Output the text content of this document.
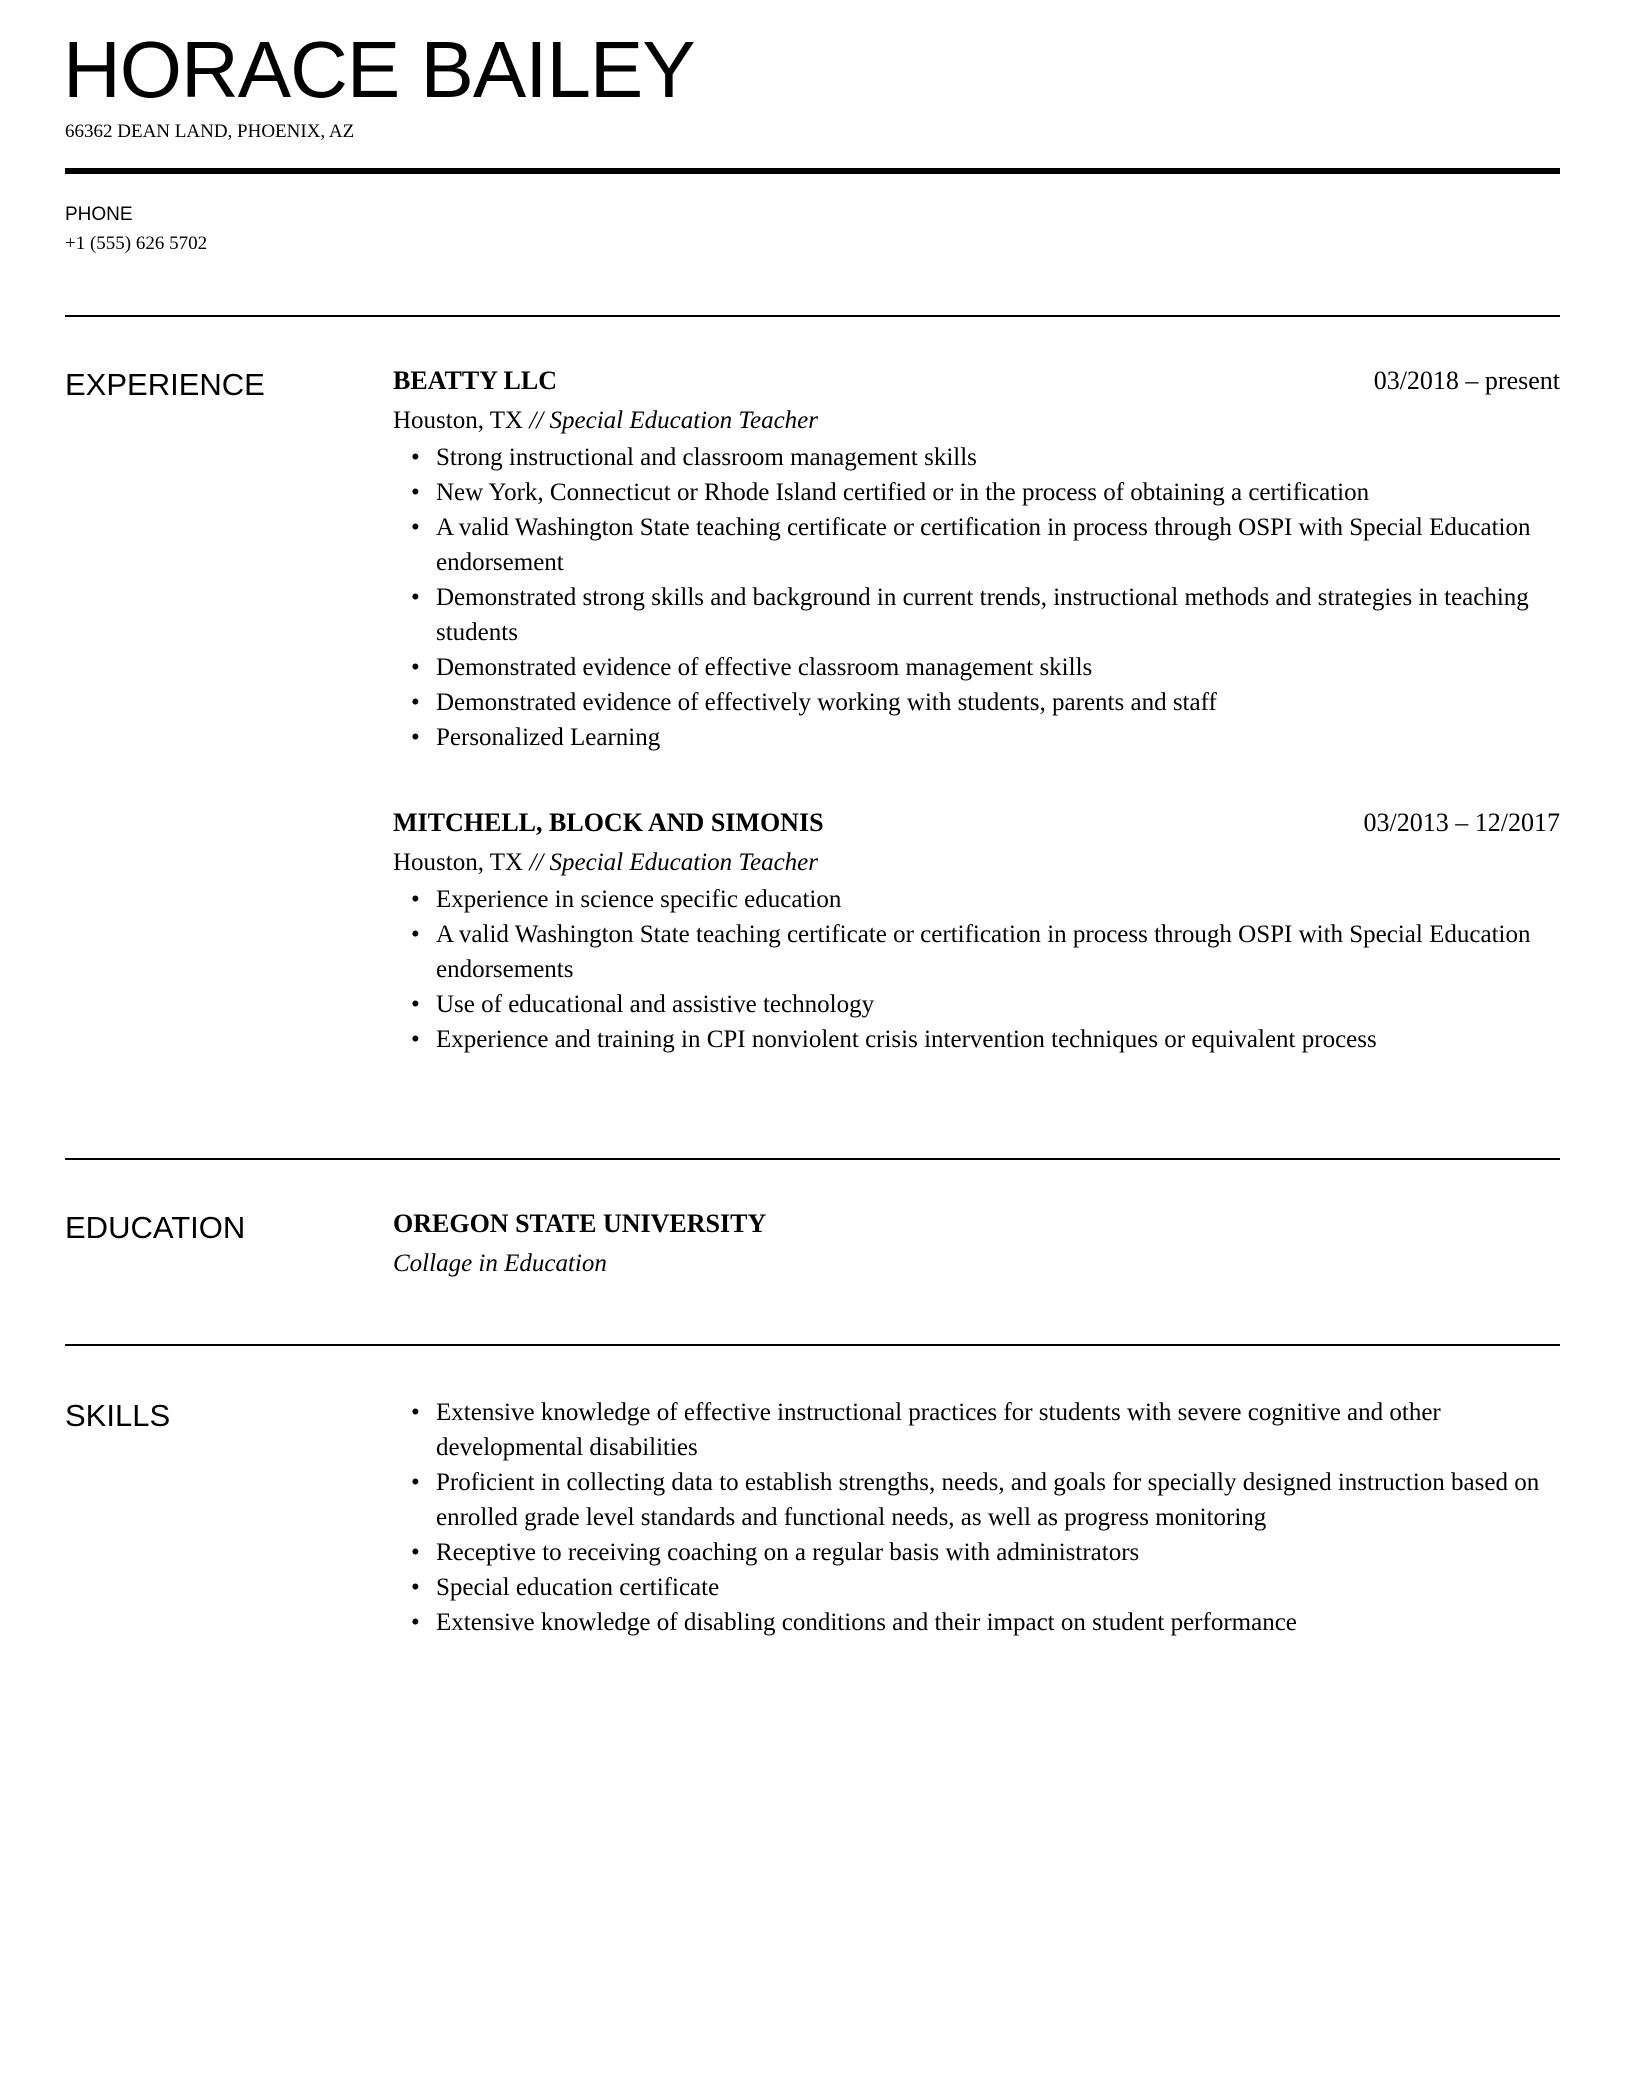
HORACE BAILEY
66362 DEAN LAND, PHOENIX, AZ
PHONE
+1 (555) 626 5702
EXPERIENCE	BEATTY LLC	03/2018 – present
Houston, TX // Special Education Teacher
• Strong instructional and classroom management skills
• New York, Connecticut or Rhode Island certified or in the process of obtaining a certification
• A valid Washington State teaching certificate or certification in process through OSPI with Special Education endorsement
• Demonstrated strong skills and background in current trends, instructional methods and strategies in teaching students
• Demonstrated evidence of effective classroom management skills
• Demonstrated evidence of effectively working with students, parents and staff
• Personalized Learning
MITCHELL, BLOCK AND SIMONIS	03/2013 – 12/2017
Houston, TX // Special Education Teacher
• Experience in science specific education
• A valid Washington State teaching certificate or certification in process through OSPI with Special Education endorsements
• Use of educational and assistive technology
• Experience and training in CPI nonviolent crisis intervention techniques or equivalent process
EDUCATION	OREGON STATE UNIVERSITY
Collage in Education
SKILLS	• Extensive knowledge of effective instructional practices for students with severe cognitive and other developmental disabilities
• Proficient in collecting data to establish strengths, needs, and goals for specially designed instruction based on enrolled grade level standards and functional needs, as well as progress monitoring
• Receptive to receiving coaching on a regular basis with administrators
• Special education certificate
• Extensive knowledge of disabling conditions and their impact on student performance
